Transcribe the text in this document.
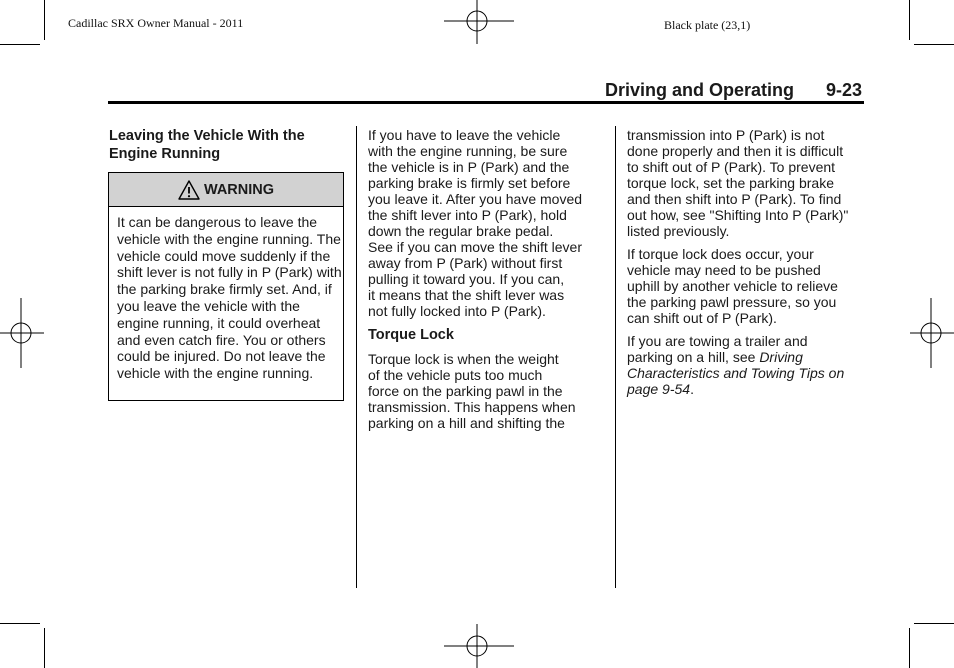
Cadillac SRX Owner Manual - 2011	Black plate (23,1)
Driving and Operating 9-23
Leaving the Vehicle With the
Engine Running
WARNING
It can be dangerous to leave the vehicle with the engine running. The vehicle could move suddenly if the shift lever is not fully in P (Park) with the parking brake firmly set. And, if you leave the vehicle with the engine running, it could overheat and even catch fire. You or others could be injured. Do not leave the vehicle with the engine running.

If you have to leave the vehicle
with the engine running, be sure
the vehicle is in P (Park) and the
parking brake is firmly set before
you leave it. After you have moved
the shift lever into P (Park), hold
down the regular brake pedal.
See if you can move the shift lever
away from P (Park) without first
pulling it toward you. If you can,
it means that the shift lever was
not fully locked into P (Park).

Torque Lock

Torque lock is when the weight
of the vehicle puts too much
force on the parking pawl in the
transmission. This happens when
parking on a hill and shifting the

transmission into P (Park) is not
done properly and then it is difficult
to shift out of P (Park). To prevent
torque lock, set the parking brake
and then shift into P (Park). To find
out how, see "Shifting Into P (Park)"
listed previously.

If torque lock does occur, your
vehicle may need to be pushed
uphill by another vehicle to relieve
the parking pawl pressure, so you
can shift out of P (Park).

If you are towing a trailer and
parking on a hill, see Driving
Characteristics and Towing Tips on
page 9-54.
